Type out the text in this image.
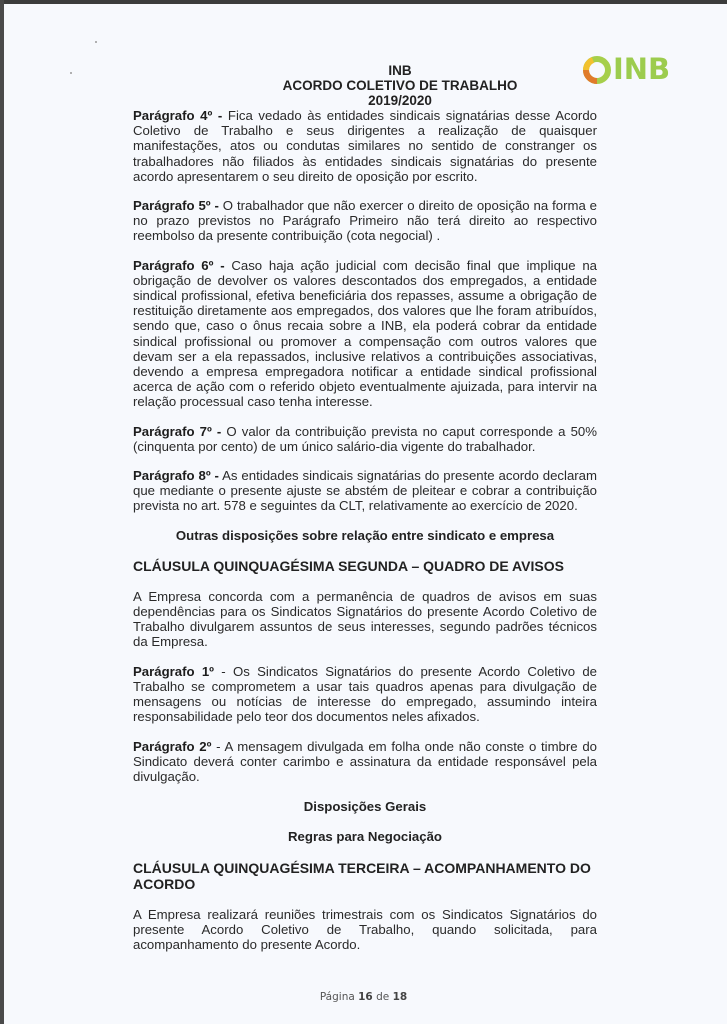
INB
ACORDO COLETIVO DE TRABALHO 2019/2020
INB

Parágrafo 4º - Fica vedado às entidades sindicais signatárias desse Acordo Coletivo de Trabalho e seus dirigentes a realização de quaisquer manifestações, atos ou condutas similares no sentido de constranger os trabalhadores não filiados às entidades sindicais signatárias do presente acordo apresentarem o seu direito de oposição por escrito.

Parágrafo 5º - O trabalhador que não exercer o direito de oposição na forma e no prazo previstos no Parágrafo Primeiro não terá direito ao respectivo reembolso da presente contribuição (cota negocial) .

Parágrafo 6º - Caso haja ação judicial com decisão final que implique na obrigação de devolver os valores descontados dos empregados, a entidade sindical profissional, efetiva beneficiária dos repasses, assume a obrigação de restituição diretamente aos empregados, dos valores que lhe foram atribuídos, sendo que, caso o ônus recaia sobre a INB, ela poderá cobrar da entidade sindical profissional ou promover a compensação com outros valores que devam ser a ela repassados, inclusive relativos a contribuições associativas, devendo a empresa empregadora notificar a entidade sindical profissional acerca de ação com o referido objeto eventualmente ajuizada, para intervir na relação processual caso tenha interesse.

Parágrafo 7º - O valor da contribuição prevista no caput corresponde a 50% (cinquenta por cento) de um único salário-dia vigente do trabalhador.

Parágrafo 8º - As entidades sindicais signatárias do presente acordo declaram que mediante o presente ajuste se abstém de pleitear e cobrar a contribuição prevista no art. 578 e seguintes da CLT, relativamente ao exercício de 2020.

Outras disposições sobre relação entre sindicato e empresa

CLÁUSULA QUINQUAGÉSIMA SEGUNDA – QUADRO DE AVISOS

A Empresa concorda com a permanência de quadros de avisos em suas dependências para os Sindicatos Signatários do presente Acordo Coletivo de Trabalho divulgarem assuntos de seus interesses, segundo padrões técnicos da Empresa.

Parágrafo 1º - Os Sindicatos Signatários do presente Acordo Coletivo de Trabalho se comprometem a usar tais quadros apenas para divulgação de mensagens ou notícias de interesse do empregado, assumindo inteira responsabilidade pelo teor dos documentos neles afixados.

Parágrafo 2º - A mensagem divulgada em folha onde não conste o timbre do Sindicato deverá conter carimbo e assinatura da entidade responsável pela divulgação.

Disposições Gerais

Regras para Negociação

CLÁUSULA QUINQUAGÉSIMA TERCEIRA – ACOMPANHAMENTO DO ACORDO

A Empresa realizará reuniões trimestrais com os Sindicatos Signatários do presente Acordo Coletivo de Trabalho, quando solicitada, para acompanhamento do presente Acordo.

Página 16 de 18
